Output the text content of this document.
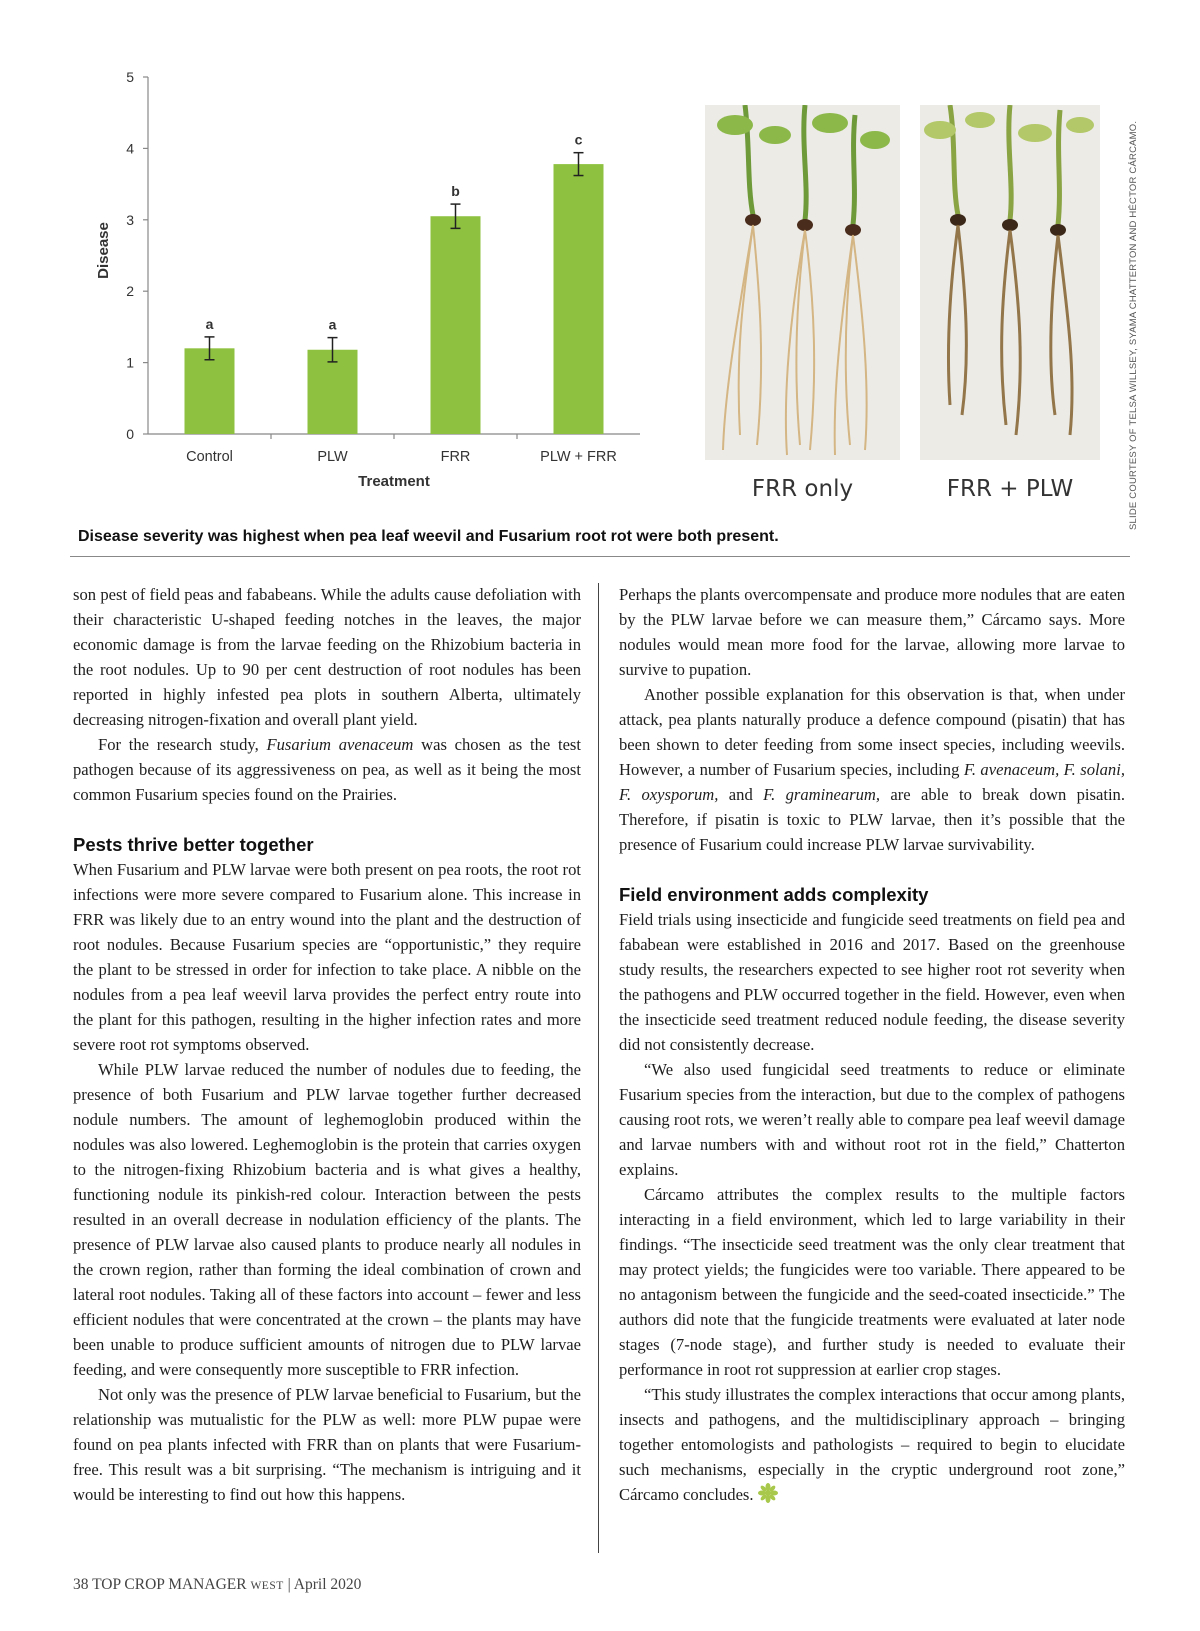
0
1
2
3
4
5
a
Control
a
PLW
b
FRR
c
PLW + FRR
Treatment
Disease
FRR only	FRR + PLW	SLIDE COURTESY OF TELSA WILLSEY, SYAMA CHATTERTON AND HÉCTOR CÁRCAMO.
Disease severity was highest when pea leaf weevil and Fusarium root rot were both present.

son pest of field peas and fababeans. While the adults cause defoliation with their characteristic U-shaped feeding notches in the leaves, the major economic damage is from the larvae feeding on the Rhizobium bacteria in the root nodules. Up to 90 per cent destruction of root nodules has been reported in highly infested pea plots in southern Alberta, ultimately decreasing nitrogen-fixation and overall plant yield.

For the research study, Fusarium avenaceum was chosen as the test pathogen because of its aggressiveness on pea, as well as it being the most common Fusarium species found on the Prairies.

Pests thrive better together

When Fusarium and PLW larvae were both present on pea roots, the root rot infections were more severe compared to Fusarium alone. This increase in FRR was likely due to an entry wound into the plant and the destruction of root nodules. Because Fusarium species are “opportunistic,” they require the plant to be stressed in order for infection to take place. A nibble on the nodules from a pea leaf weevil larva provides the perfect entry route into the plant for this pathogen, resulting in the higher infection rates and more severe root rot symptoms observed.

While PLW larvae reduced the number of nodules due to feeding, the presence of both Fusarium and PLW larvae together further decreased nodule numbers. The amount of leghemoglobin produced within the nodules was also lowered. Leghemoglobin is the protein that carries oxygen to the nitrogen-fixing Rhizobium bacteria and is what gives a healthy, functioning nodule its pinkish-red colour. Interaction between the pests resulted in an overall decrease in nodulation efficiency of the plants. The presence of PLW larvae also caused plants to produce nearly all nodules in the crown region, rather than forming the ideal combination of crown and lateral root nodules. Taking all of these factors into account – fewer and less efficient nodules that were concentrated at the crown – the plants may have been unable to produce sufficient amounts of nitrogen due to PLW larvae feeding, and were consequently more susceptible to FRR infection.

Not only was the presence of PLW larvae beneficial to Fusarium, but the relationship was mutualistic for the PLW as well: more PLW pupae were found on pea plants infected with FRR than on plants that were Fusarium-free. This result was a bit surprising. “The mechanism is intriguing and it would be interesting to find out how this happens.

Perhaps the plants overcompensate and produce more nodules that are eaten by the PLW larvae before we can measure them,” Cárcamo says. More nodules would mean more food for the larvae, allowing more larvae to survive to pupation.

Another possible explanation for this observation is that, when under attack, pea plants naturally produce a defence compound (pisatin) that has been shown to deter feeding from some insect species, including weevils. However, a number of Fusarium species, including F. avenaceum, F. solani, F. oxysporum, and F. graminearum, are able to break down pisatin. Therefore, if pisatin is toxic to PLW larvae, then it’s possible that the presence of Fusarium could increase PLW larvae survivability.

Field environment adds complexity

Field trials using insecticide and fungicide seed treatments on field pea and fababean were established in 2016 and 2017. Based on the greenhouse study results, the researchers expected to see higher root rot severity when the pathogens and PLW occurred together in the field. However, even when the insecticide seed treatment reduced nodule feeding, the disease severity did not consistently decrease.

“We also used fungicidal seed treatments to reduce or eliminate Fusarium species from the interaction, but due to the complex of pathogens causing root rots, we weren’t really able to compare pea leaf weevil damage and larvae numbers with and without root rot in the field,” Chatterton explains.

Cárcamo attributes the complex results to the multiple factors interacting in a field environment, which led to large variability in their findings. “The insecticide seed treatment was the only clear treatment that may protect yields; the fungicides were too variable. There appeared to be no antagonism between the fungicide and the seed-coated insecticide.” The authors did note that the fungicide treatments were evaluated at later node stages (7-node stage), and further study is needed to evaluate their performance in root rot suppression at earlier crop stages.

“This study illustrates the complex interactions that occur among plants, insects and pathogens, and the multidisciplinary approach – bringing together entomologists and pathologists – required to begin to elucidate such mechanisms, especially in the cryptic underground root zone,” Cárcamo concludes.

38 TOP CROP MANAGER WEST | April 2020
